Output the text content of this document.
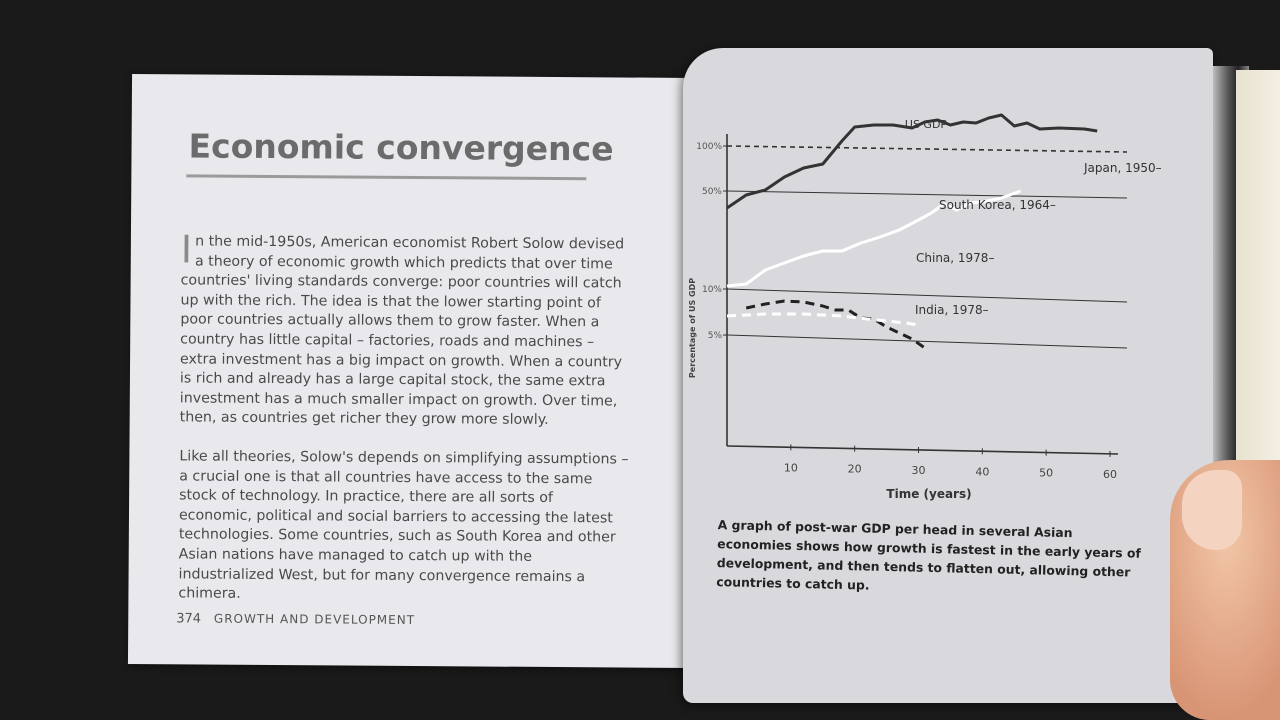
Economic convergence

In the mid-1950s, American economist Robert Solow devised a theory of economic growth which predicts that over time countries' living standards converge: poor countries will catch up with the rich. The idea is that the lower starting point of poor countries actually allows them to grow faster. When a country has little capital – factories, roads and machines – extra investment has a big impact on growth. When a country is rich and already has a large capital stock, the same extra investment has a much smaller impact on growth. Over time, then, as countries get richer they grow more slowly.

Like all theories, Solow's depends on simplifying assumptions – a crucial one is that all countries have access to the same stock of technology. In practice, there are all sorts of economic, political and social barriers to accessing the latest technologies. Some countries, such as South Korea and other Asian nations have managed to catch up with the industrialized West, but for many convergence remains a chimera.

374 GROWTH AND DEVELOPMENT
100%
50%
10%
5%
US GDP
10	20	30	40	50	60
Time (years)
Percentage of US GDP
Japan, 1950–
South Korea, 1964–
China, 1978–
India, 1978–
A graph of post-war GDP per head in several Asian economies shows how growth is fastest in the early years of development, and then tends to flatten out, allowing other countries to catch up.
